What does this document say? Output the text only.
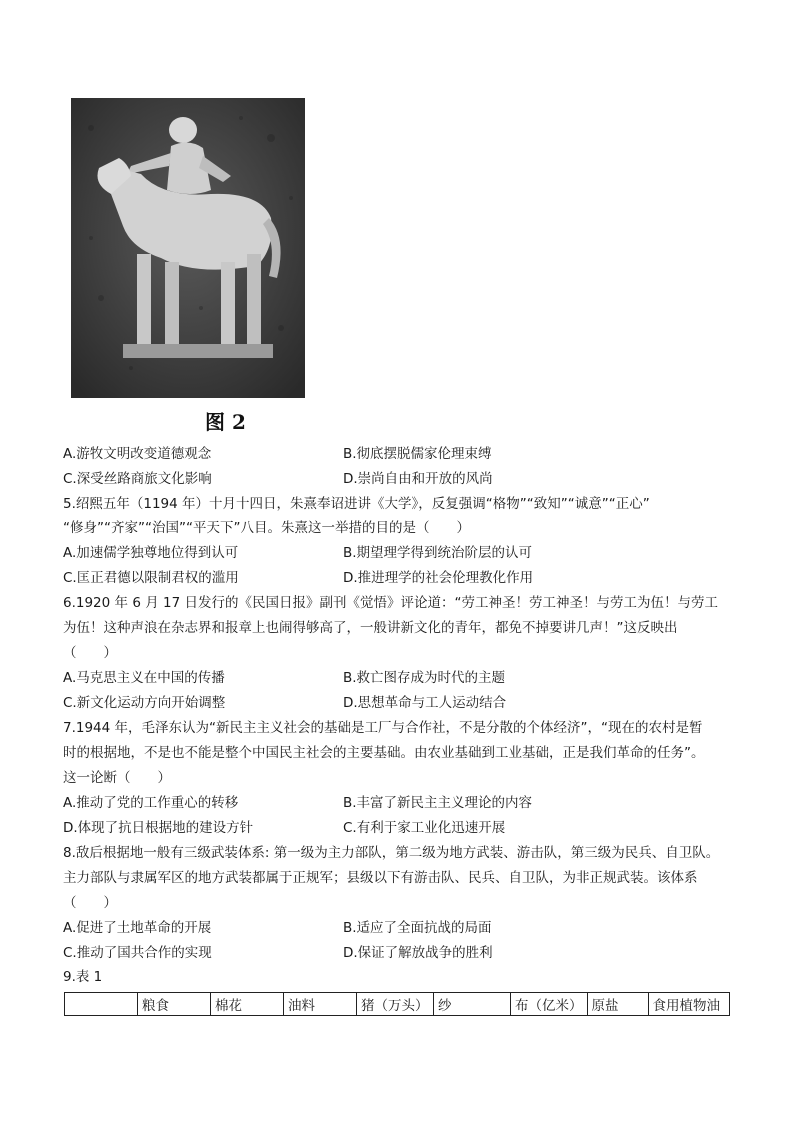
图 2
A.游牧文明改变道德观念	B.彻底摆脱儒家伦理束缚
C.深受丝路商旅文化影响	D.崇尚自由和开放的风尚
5.绍熙五年（1194 年）十月十四日，朱熹奉诏进讲《大学》，反复强调“格物”“致知”“诚意”“正心”
“修身”“齐家”“治国”“平天下”八目。朱熹这一举措的目的是（　　）
A.加速儒学独尊地位得到认可	B.期望理学得到统治阶层的认可
C.匡正君德以限制君权的滥用	D.推进理学的社会伦理教化作用
6.1920 年 6 月 17 日发行的《民国日报》副刊《觉悟》评论道：“劳工神圣！劳工神圣！与劳工为伍！与劳工
为伍！这种声浪在杂志界和报章上也闹得够高了，一般讲新文化的青年，都免不掉要讲几声！”这反映出
（　　）
A.马克思主义在中国的传播	B.救亡图存成为时代的主题
C.新文化运动方向开始调整	D.思想革命与工人运动结合
7.1944 年，毛泽东认为“新民主主义社会的基础是工厂与合作社，不是分散的个体经济”，“现在的农村是暂
时的根据地，不是也不能是整个中国民主社会的主要基础。由农业基础到工业基础，正是我们革命的任务”。
这一论断（　　）
A.推动了党的工作重心的转移	B.丰富了新民主主义理论的内容
D.体现了抗日根据地的建设方针	C.有利于家工业化迅速开展
8.敌后根据地一般有三级武装体系: 第一级为主力部队，第二级为地方武装、游击队，第三级为民兵、自卫队。
主力部队与隶属军区的地方武装都属于正规军；县级以下有游击队、民兵、自卫队，为非正规武装。该体系
（　　）
A.促进了土地革命的开展	B.适应了全面抗战的局面
C.推动了国共合作的实现	D.保证了解放战争的胜利
9.表 1
	粮食	棉花	油料	猪（万头）	纱	布（亿米）	原盐	食用植物油
